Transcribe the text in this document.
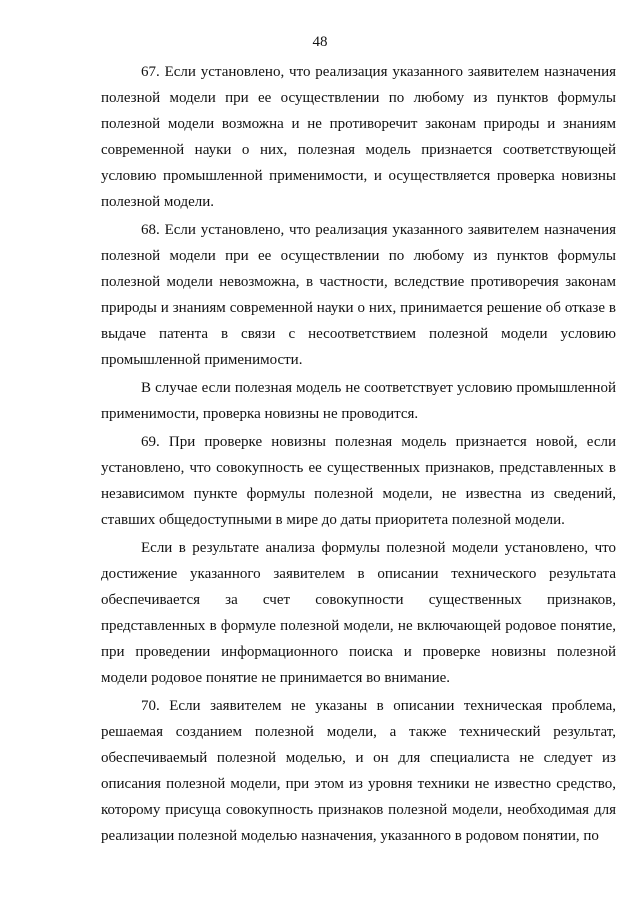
48

67. Если установлено, что реализация указанного заявителем назначения полезной модели при ее осуществлении по любому из пунктов формулы полезной модели возможна и не противоречит законам природы и знаниям современной науки о них, полезная модель признается соответствующей условию промышленной применимости, и осуществляется проверка новизны полезной модели.

68. Если установлено, что реализация указанного заявителем назначения полезной модели при ее осуществлении по любому из пунктов формулы полезной модели невозможна, в частности, вследствие противоречия законам природы и знаниям современной науки о них, принимается решение об отказе в выдаче патента в связи с несоответствием полезной модели условию промышленной применимости.

В случае если полезная модель не соответствует условию промышленной применимости, проверка новизны не проводится.

69. При проверке новизны полезная модель признается новой, если установлено, что совокупность ее существенных признаков, представленных в независимом пункте формулы полезной модели, не известна из сведений, ставших общедоступными в мире до даты приоритета полезной модели.

Если в результате анализа формулы полезной модели установлено, что достижение указанного заявителем в описании технического результата обеспечивается за счет совокупности существенных признаков, представленных в формуле полезной модели, не включающей родовое понятие, при проведении информационного поиска и проверке новизны полезной модели родовое понятие не принимается во внимание.

70. Если заявителем не указаны в описании техническая проблема, решаемая созданием полезной модели, а также технический результат, обеспечиваемый полезной моделью, и он для специалиста не следует из описания полезной модели, при этом из уровня техники не известно средство, которому присуща совокупность признаков полезной модели, необходимая для реализации полезной моделью назначения, указанного в родовом понятии, по
